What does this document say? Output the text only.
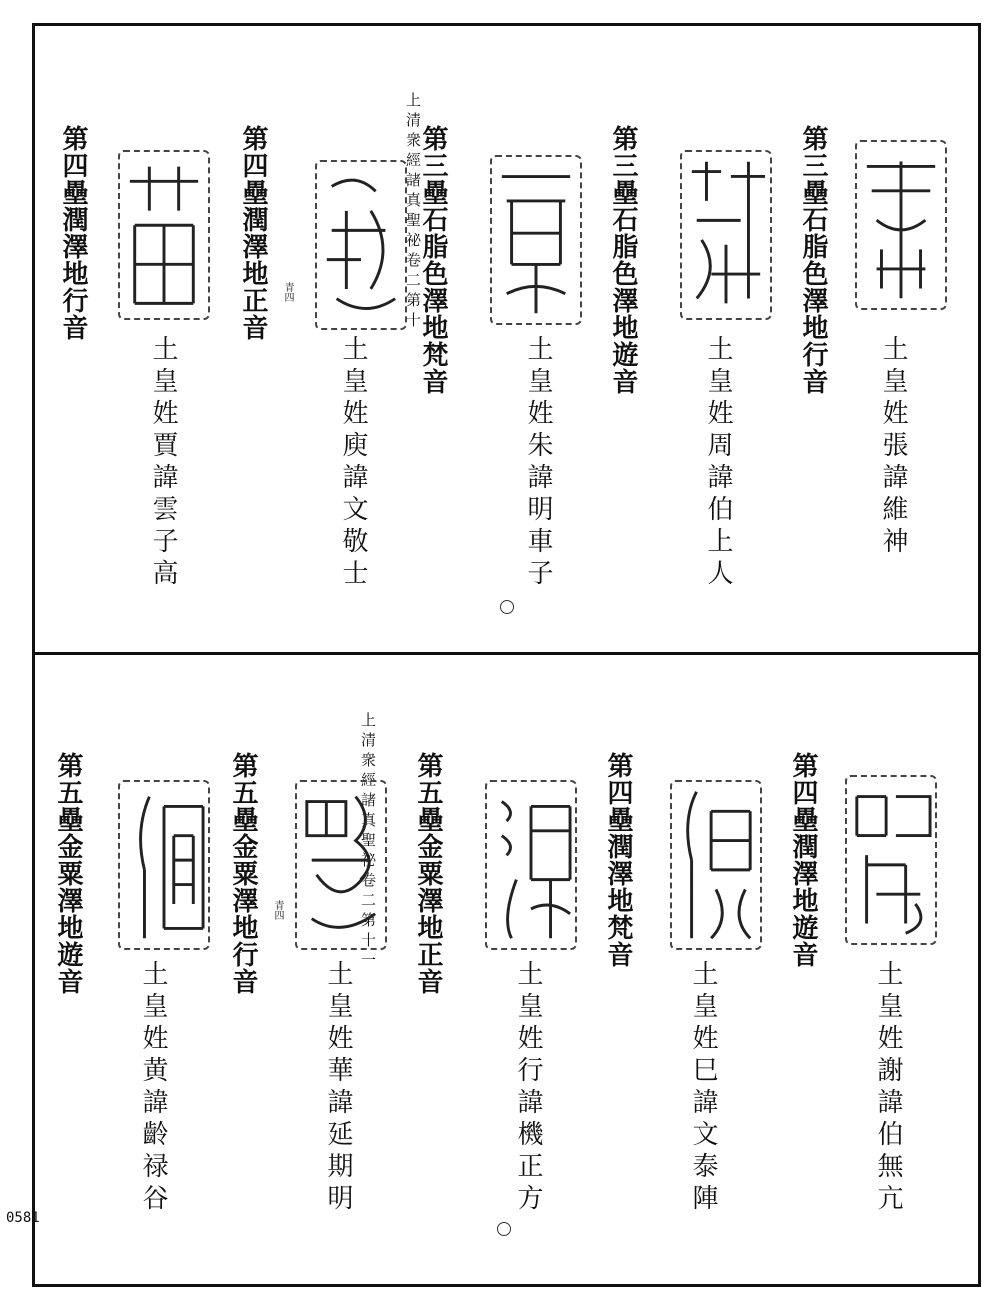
上清衆經諸真聖祕卷二第十	第三壘石脂色澤地行音
土皇姓張諱維神
第三壘石脂色澤地遊音
土皇姓周諱伯上人
第三壘石脂色澤地梵音
土皇姓朱諱明車子
第四壘潤澤地正音
土皇姓庾諱文敬士
第四壘潤澤地行音
土皇姓賈諱雲子高
青四
上清衆經諸真聖祕卷二第十一	第四壘潤澤地遊音
土皇姓謝諱伯無亢
第四壘潤澤地梵音
土皇姓巳諱文泰陣
第五壘金粟澤地正音
土皇姓行諱機正方
第五壘金粟澤地行音
土皇姓華諱延期明
第五壘金粟澤地遊音
土皇姓黄諱齡禄谷
青四
0581
